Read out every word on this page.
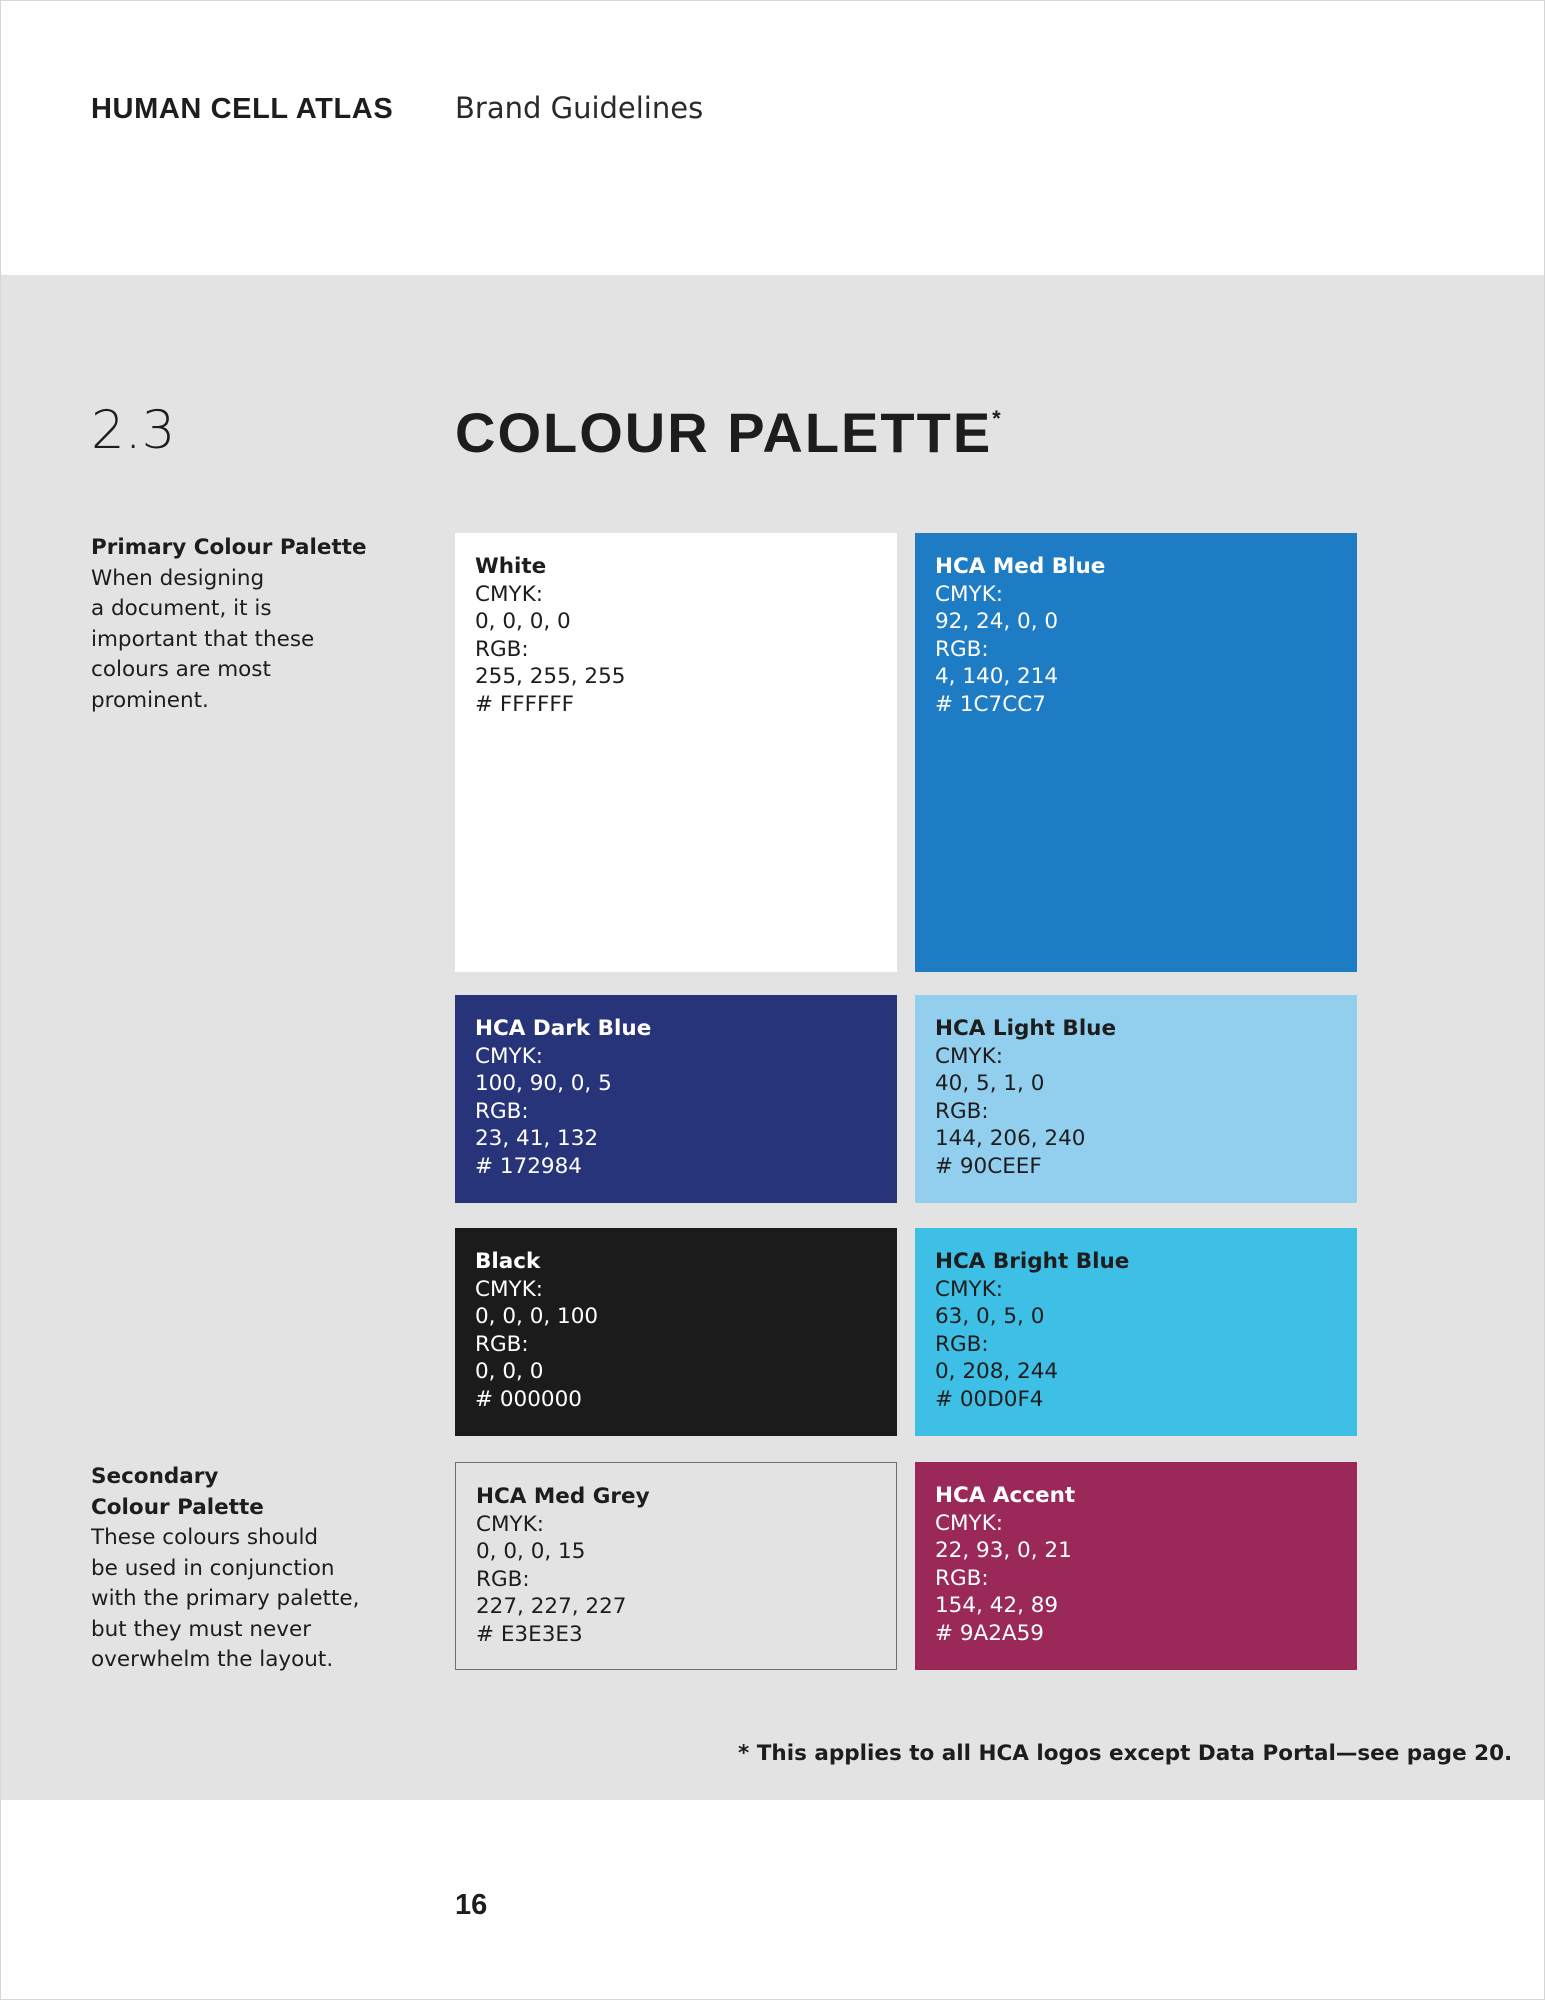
HUMAN CELL ATLAS Brand Guidelines
2.3	COLOUR PALETTE*
Primary Colour Palette
When designing
a document, it is
important that these
colours are most
prominent.
Secondary
Colour Palette
These colours should
be used in conjunction
with the primary palette,
but they must never
overwhelm the layout.
White
CMYK:
0, 0, 0, 0
RGB:
255, 255, 255
# FFFFFF
HCA Med Blue
CMYK:
92, 24, 0, 0
RGB:
4, 140, 214
# 1C7CC7
HCA Dark Blue
CMYK:
100, 90, 0, 5
RGB:
23, 41, 132
# 172984
HCA Light Blue
CMYK:
40, 5, 1, 0
RGB:
144, 206, 240
# 90CEEF
Black
CMYK:
0, 0, 0, 100
RGB:
0, 0, 0
# 000000
HCA Bright Blue
CMYK:
63, 0, 5, 0
RGB:
0, 208, 244
# 00D0F4
HCA Med Grey
CMYK:
0, 0, 0, 15
RGB:
227, 227, 227
# E3E3E3
HCA Accent
CMYK:
22, 93, 0, 21
RGB:
154, 42, 89
# 9A2A59
* This applies to all HCA logos except Data Portal—see page 20.
16
